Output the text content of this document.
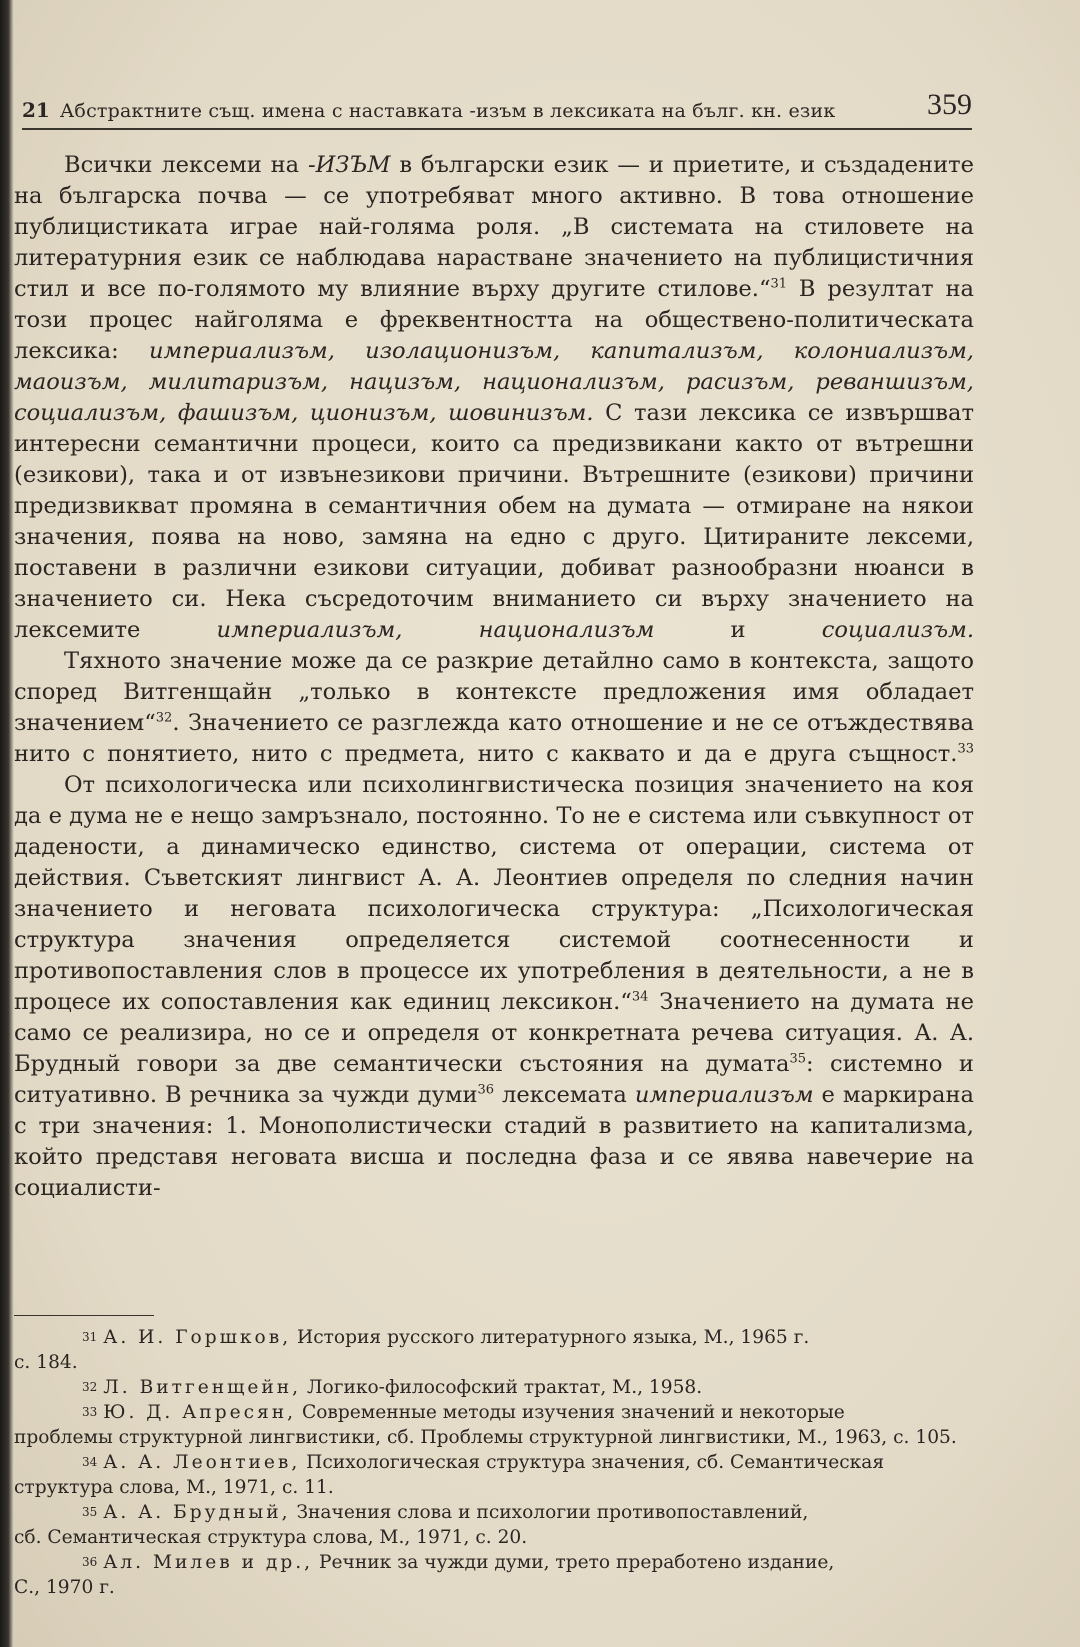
21 Абстрактните същ. имена с наставката -изъм в лексиката на бълг. кн. език	359

Всички лексеми на -ИЗЪМ в български език — и приетите, и създадените на българска почва — се употребяват много активно. В това отношение публицистиката играе най-голяма роля. „В системата на стиловете на литературния език се наблюдава нарастване значението на публицистичния стил и все по-голямото му влияние върху другите стилове.“$^{31}$ В резултат на този процес найголяма е фреквентността на обществено-политическата лексика: империализъм, изолационизъм, капитализъм, колониализъм, маоизъм, милитаризъм, нацизъм, национализъм, расизъм, реваншизъм, социализъм, фашизъм, ционизъм, шовинизъм. С тази лексика се извършват интересни семантични процеси, които са предизвикани както от вътрешни (езикови), така и от извънезикови причини. Вътрешните (езикови) причини предизвикват промяна в семантичния обем на думата — отмиране на някои значения, поява на ново, замяна на едно с друго. Цитираните лексеми, поставени в различни езикови ситуации, добиват разнообразни нюанси в значението си. Нека съсредоточим вниманието си върху значението на лексемите империализъм, национализъм и социализъм.

Тяхното значение може да се разкрие детайлно само в контекста, защото според Витгенщайн „только в контексте предложения имя обладает значением“$^{32}$. Значението се разглежда като отношение и не се отъждествява нито с понятието, нито с предмета, нито с каквато и да е друга същност.$^{33}$

От психологическа или психолингвистическа позиция значението на коя да е дума не е нещо замръзнало, постоянно. То не е система или съвкупност от дадености, а динамическо единство, система от операции, система от действия. Съветският лингвист А. А. Леонтиев определя по следния начин значението и неговата психологическа структура: „Психологическая структура значения определяется системой соотнесенности и противопоставления слов в процессе их употребления в деятельности, а не в процесе их сопоставления как единиц лексикон.“$^{34}$ Значението на думата не само се реализира, но се и определя от конкретната речева ситуация. А. А. Брудный говори за две семантически състояния на думата$^{35}$: системно и ситуативно. В речника за чужди думи$^{36}$ лексемата империализъм е маркирана с три значения: 1. Монополистически стадий в развитието на капитализма, който представя неговата висша и последна фаза и се явява навечерие на социалисти-

31 А. И. Горшков, История русского литературного языка, М., 1965 г.
с. 184.
32 Л. Витгенщейн, Логико-философский трактат, М., 1958.
33 Ю. Д. Апресян, Современные методы изучения значений и некоторые
проблемы структурной лингвистики, сб. Проблемы структурной лингвистики, М., 1963, с. 105.
34 А. А. Леонтиев, Психологическая структура значения, сб. Семантическая
структура слова, М., 1971, с. 11.
35 А. А. Брудный, Значения слова и психологии противопоставлений,
сб. Семантическая структура слова, М., 1971, с. 20.
36 Ал. Милев и др., Речник за чужди думи, трето преработено издание,
С., 1970 г.
